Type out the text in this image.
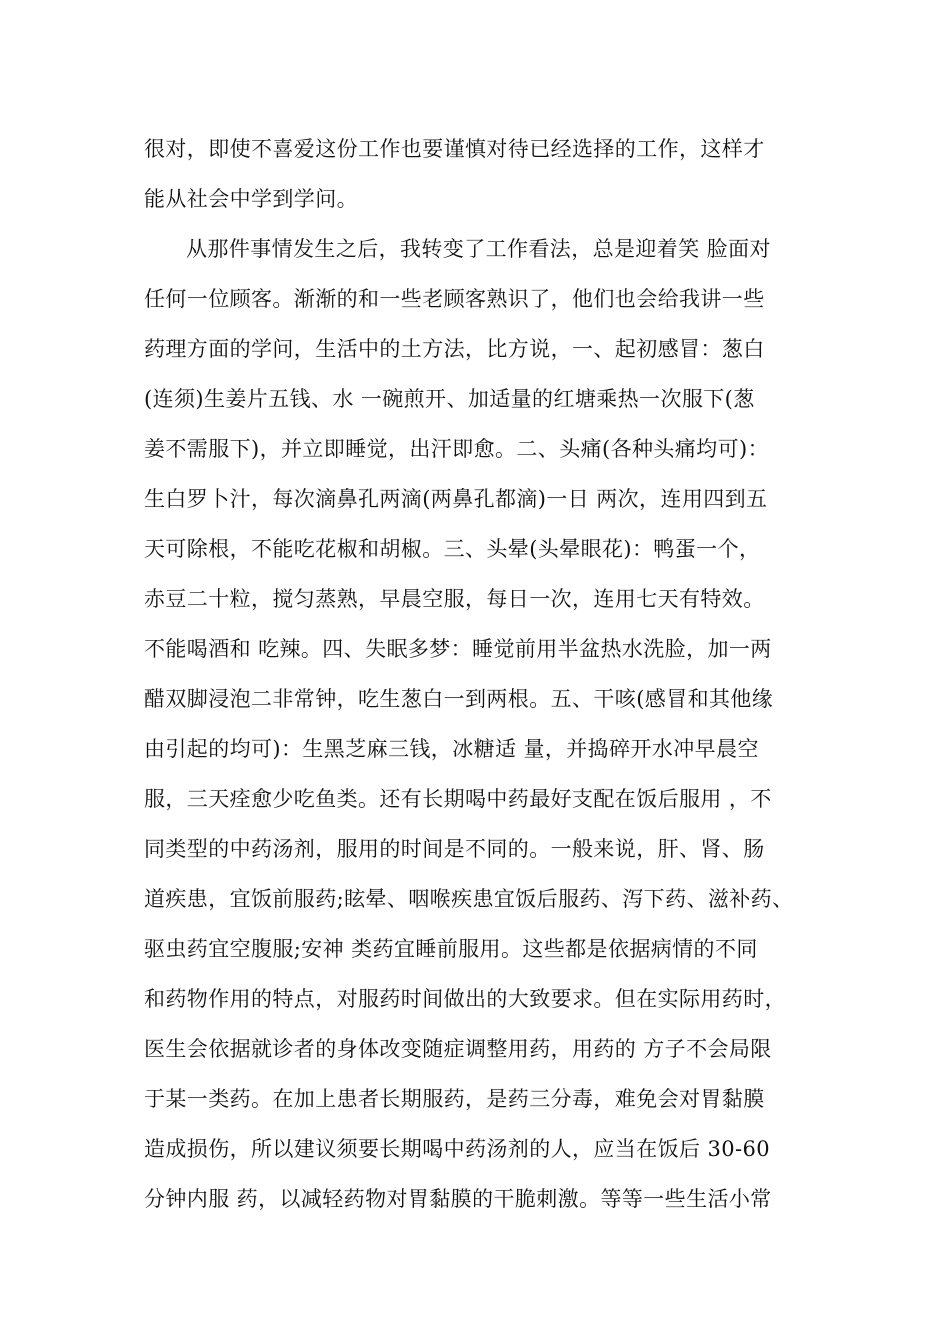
很对，即使不喜爱这份工作也要谨慎对待已经选择的工作，这样才
能从社会中学到学问。
从那件事情发生之后，我转变了工作看法，总是迎着笑 脸面对
任何一位顾客。渐渐的和一些老顾客熟识了，他们也会给我讲一些
药理方面的学问，生活中的土方法，比方说，一、起初感冒：葱白
(连须)生姜片五钱、水 一碗煎开、加适量的红塘乘热一次服下(葱
姜不需服下)，并立即睡觉，出汗即愈。二、头痛(各种头痛均可)：
生白罗卜汁，每次滴鼻孔两滴(两鼻孔都滴)一日 两次，连用四到五
天可除根，不能吃花椒和胡椒。三、头晕(头晕眼花)：鸭蛋一个，
赤豆二十粒，搅匀蒸熟，早晨空服，每日一次，连用七天有特效。
不能喝酒和 吃辣。四、失眠多梦：睡觉前用半盆热水洗脸，加一两
醋双脚浸泡二非常钟，吃生葱白一到两根。五、干咳(感冒和其他缘
由引起的均可)：生黑芝麻三钱，冰糖适 量，并捣碎开水冲早晨空
服，三天痊愈少吃鱼类。还有长期喝中药最好支配在饭后服用 ，不
同类型的中药汤剂，服用的时间是不同的。一般来说，肝、肾、肠
道疾患，宜饭前服药;眩晕、咽喉疾患宜饭后服药、泻下药、滋补药、
驱虫药宜空腹服;安神 类药宜睡前服用。这些都是依据病情的不同
和药物作用的特点，对服药时间做出的大致要求。但在实际用药时，
医生会依据就诊者的身体改变随症调整用药，用药的 方子不会局限
于某一类药。在加上患者长期服药，是药三分毒，难免会对胃黏膜
造成损伤，所以建议须要长期喝中药汤剂的人，应当在饭后 30-60
分钟内服 药，以减轻药物对胃黏膜的干脆刺激。等等一些生活小常
